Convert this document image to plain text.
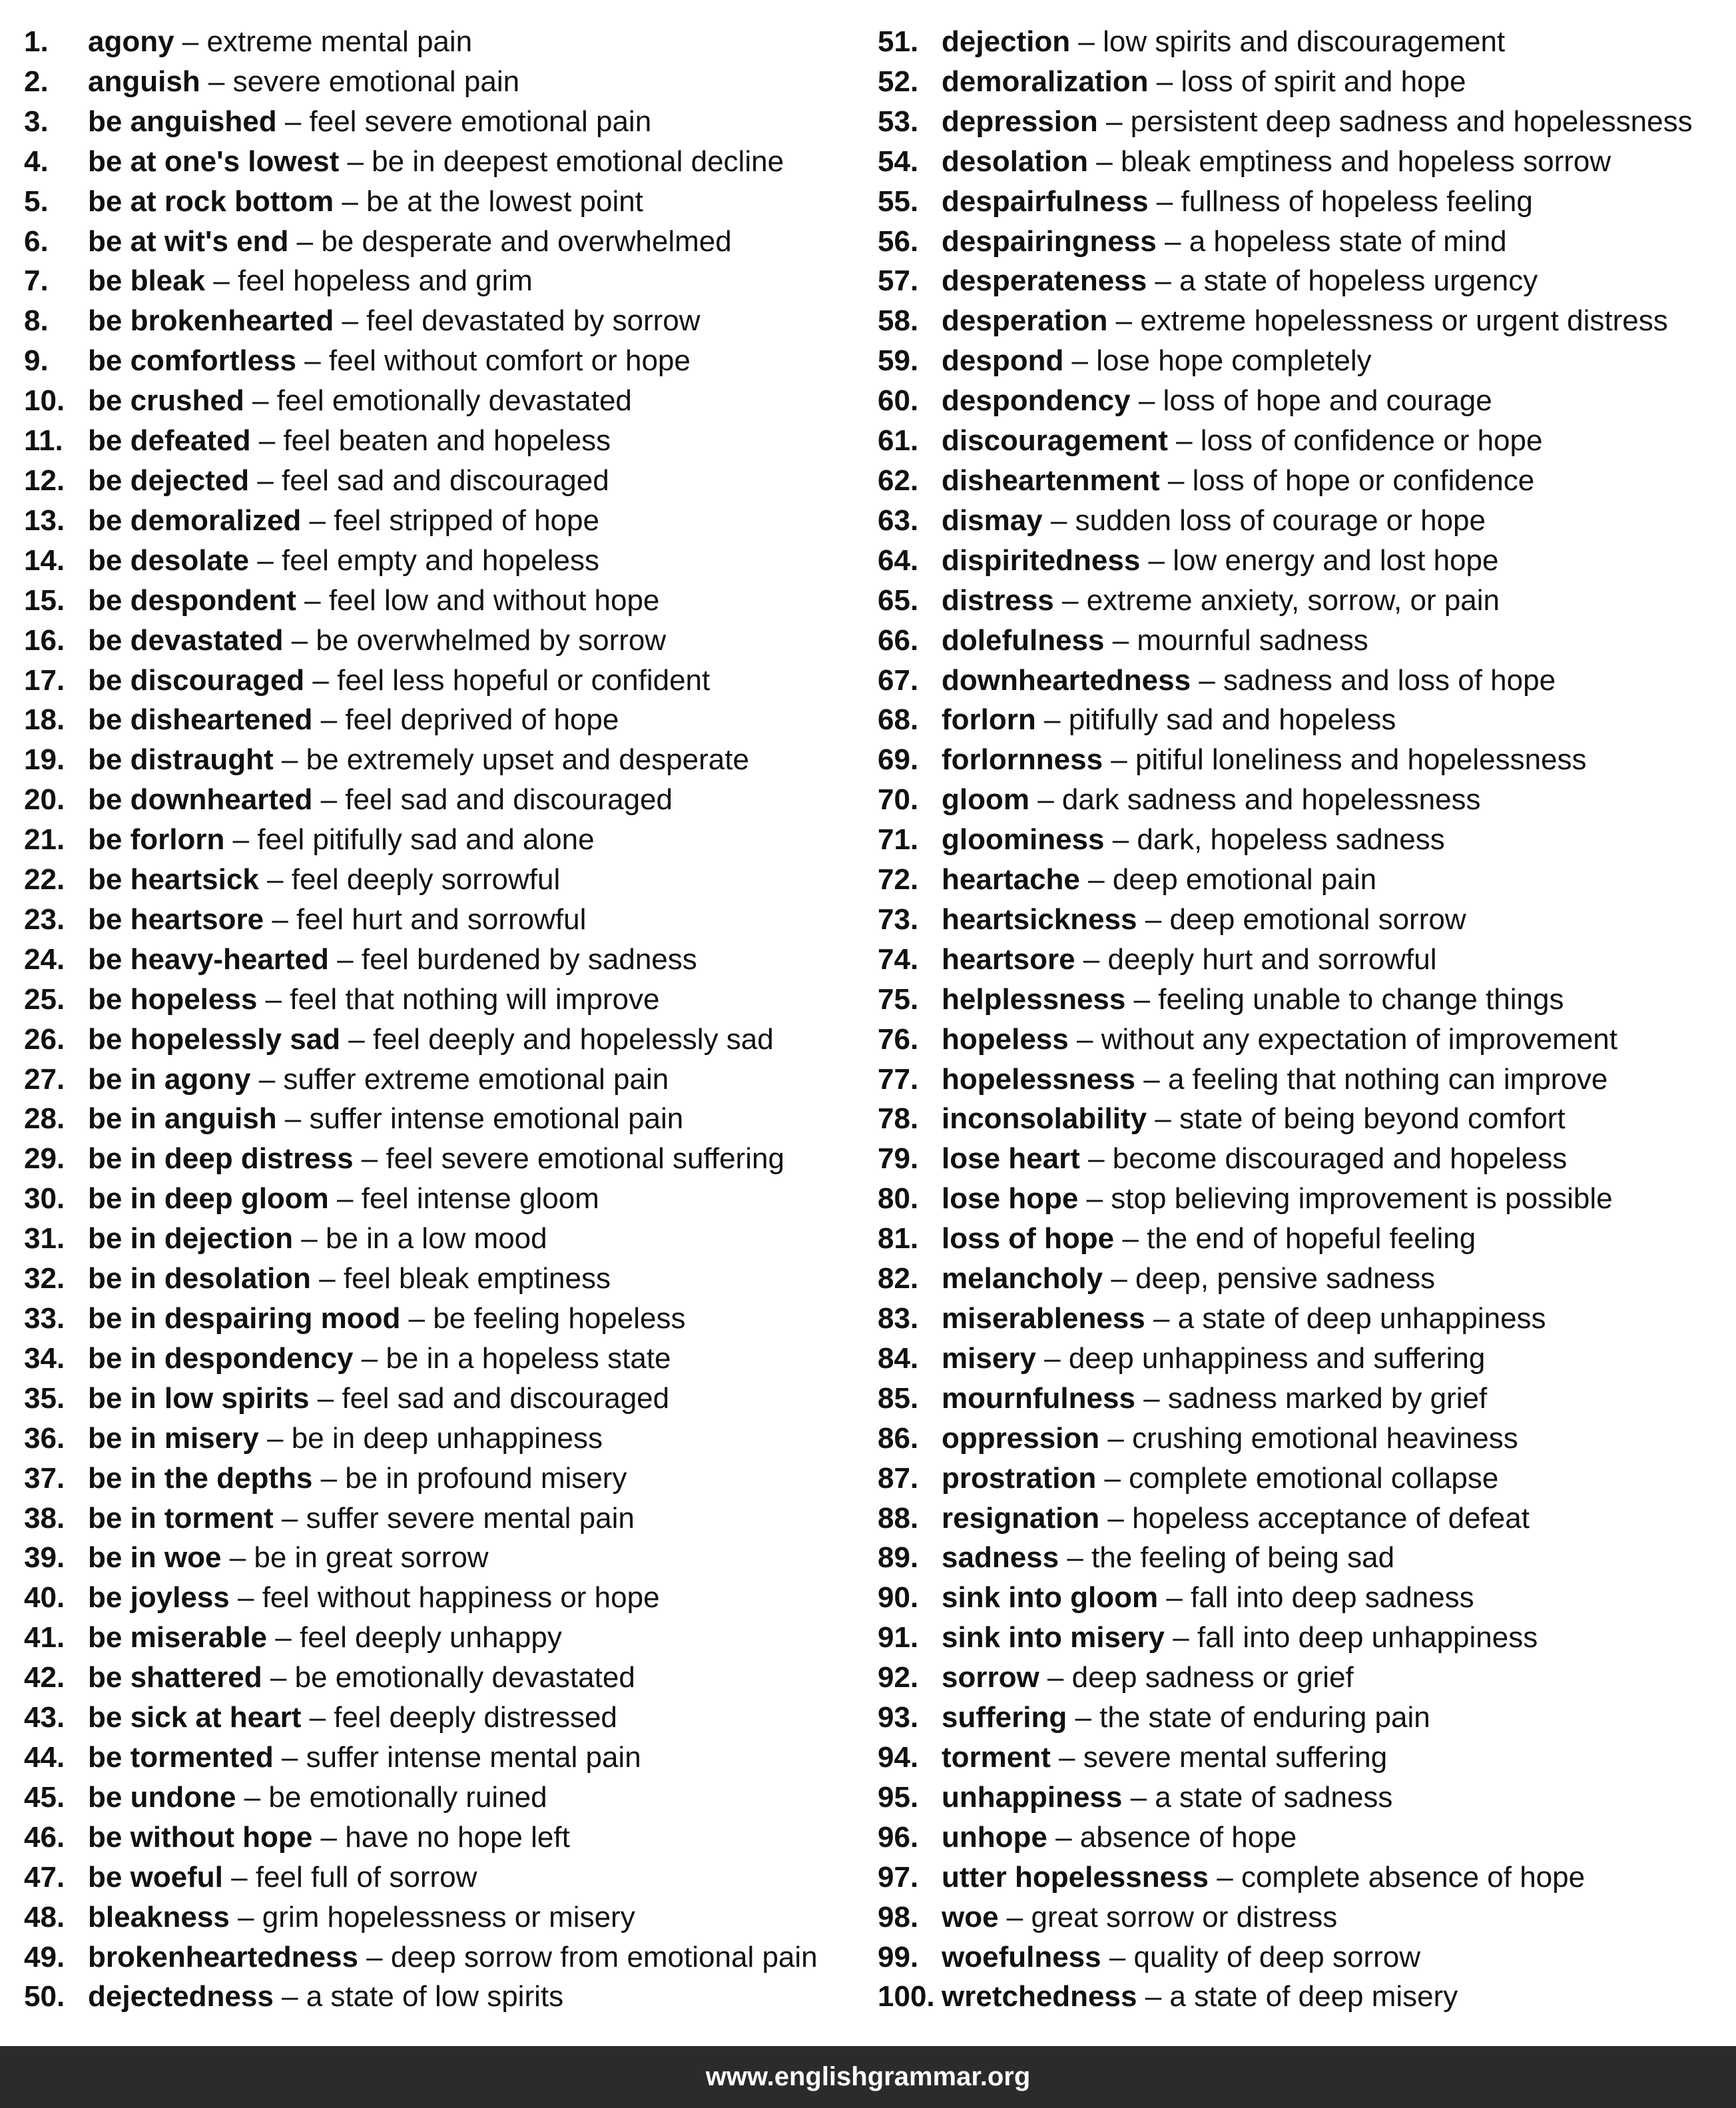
1. agony – extreme mental pain
2. anguish – severe emotional pain
3. be anguished – feel severe emotional pain
4. be at one's lowest – be in deepest emotional decline
5. be at rock bottom – be at the lowest point
6. be at wit's end – be desperate and overwhelmed
7. be bleak – feel hopeless and grim
8. be brokenhearted – feel devastated by sorrow
9. be comfortless – feel without comfort or hope
10. be crushed – feel emotionally devastated
11. be defeated – feel beaten and hopeless
12. be dejected – feel sad and discouraged
13. be demoralized – feel stripped of hope
14. be desolate – feel empty and hopeless
15. be despondent – feel low and without hope
16. be devastated – be overwhelmed by sorrow
17. be discouraged – feel less hopeful or confident
18. be disheartened – feel deprived of hope
19. be distraught – be extremely upset and desperate
20. be downhearted – feel sad and discouraged
21. be forlorn – feel pitifully sad and alone
22. be heartsick – feel deeply sorrowful
23. be heartsore – feel hurt and sorrowful
24. be heavy-hearted – feel burdened by sadness
25. be hopeless – feel that nothing will improve
26. be hopelessly sad – feel deeply and hopelessly sad
27. be in agony – suffer extreme emotional pain
28. be in anguish – suffer intense emotional pain
29. be in deep distress – feel severe emotional suffering
30. be in deep gloom – feel intense gloom
31. be in dejection – be in a low mood
32. be in desolation – feel bleak emptiness
33. be in despairing mood – be feeling hopeless
34. be in despondency – be in a hopeless state
35. be in low spirits – feel sad and discouraged
36. be in misery – be in deep unhappiness
37. be in the depths – be in profound misery
38. be in torment – suffer severe mental pain
39. be in woe – be in great sorrow
40. be joyless – feel without happiness or hope
41. be miserable – feel deeply unhappy
42. be shattered – be emotionally devastated
43. be sick at heart – feel deeply distressed
44. be tormented – suffer intense mental pain
45. be undone – be emotionally ruined
46. be without hope – have no hope left
47. be woeful – feel full of sorrow
48. bleakness – grim hopelessness or misery
49. brokenheartedness – deep sorrow from emotional pain
50. dejectedness – a state of low spirits
51. dejection – low spirits and discouragement
52. demoralization – loss of spirit and hope
53. depression – persistent deep sadness and hopelessness
54. desolation – bleak emptiness and hopeless sorrow
55. despairfulness – fullness of hopeless feeling
56. despairingness – a hopeless state of mind
57. desperateness – a state of hopeless urgency
58. desperation – extreme hopelessness or urgent distress
59. despond – lose hope completely
60. despondency – loss of hope and courage
61. discouragement – loss of confidence or hope
62. disheartenment – loss of hope or confidence
63. dismay – sudden loss of courage or hope
64. dispiritedness – low energy and lost hope
65. distress – extreme anxiety, sorrow, or pain
66. dolefulness – mournful sadness
67. downheartedness – sadness and loss of hope
68. forlorn – pitifully sad and hopeless
69. forlornness – pitiful loneliness and hopelessness
70. gloom – dark sadness and hopelessness
71. gloominess – dark, hopeless sadness
72. heartache – deep emotional pain
73. heartsickness – deep emotional sorrow
74. heartsore – deeply hurt and sorrowful
75. helplessness – feeling unable to change things
76. hopeless – without any expectation of improvement
77. hopelessness – a feeling that nothing can improve
78. inconsolability – state of being beyond comfort
79. lose heart – become discouraged and hopeless
80. lose hope – stop believing improvement is possible
81. loss of hope – the end of hopeful feeling
82. melancholy – deep, pensive sadness
83. miserableness – a state of deep unhappiness
84. misery – deep unhappiness and suffering
85. mournfulness – sadness marked by grief
86. oppression – crushing emotional heaviness
87. prostration – complete emotional collapse
88. resignation – hopeless acceptance of defeat
89. sadness – the feeling of being sad
90. sink into gloom – fall into deep sadness
91. sink into misery – fall into deep unhappiness
92. sorrow – deep sadness or grief
93. suffering – the state of enduring pain
94. torment – severe mental suffering
95. unhappiness – a state of sadness
96. unhope – absence of hope
97. utter hopelessness – complete absence of hope
98. woe – great sorrow or distress
99. woefulness – quality of deep sorrow
100. wretchedness – a state of deep misery
www.englishgrammar.org
